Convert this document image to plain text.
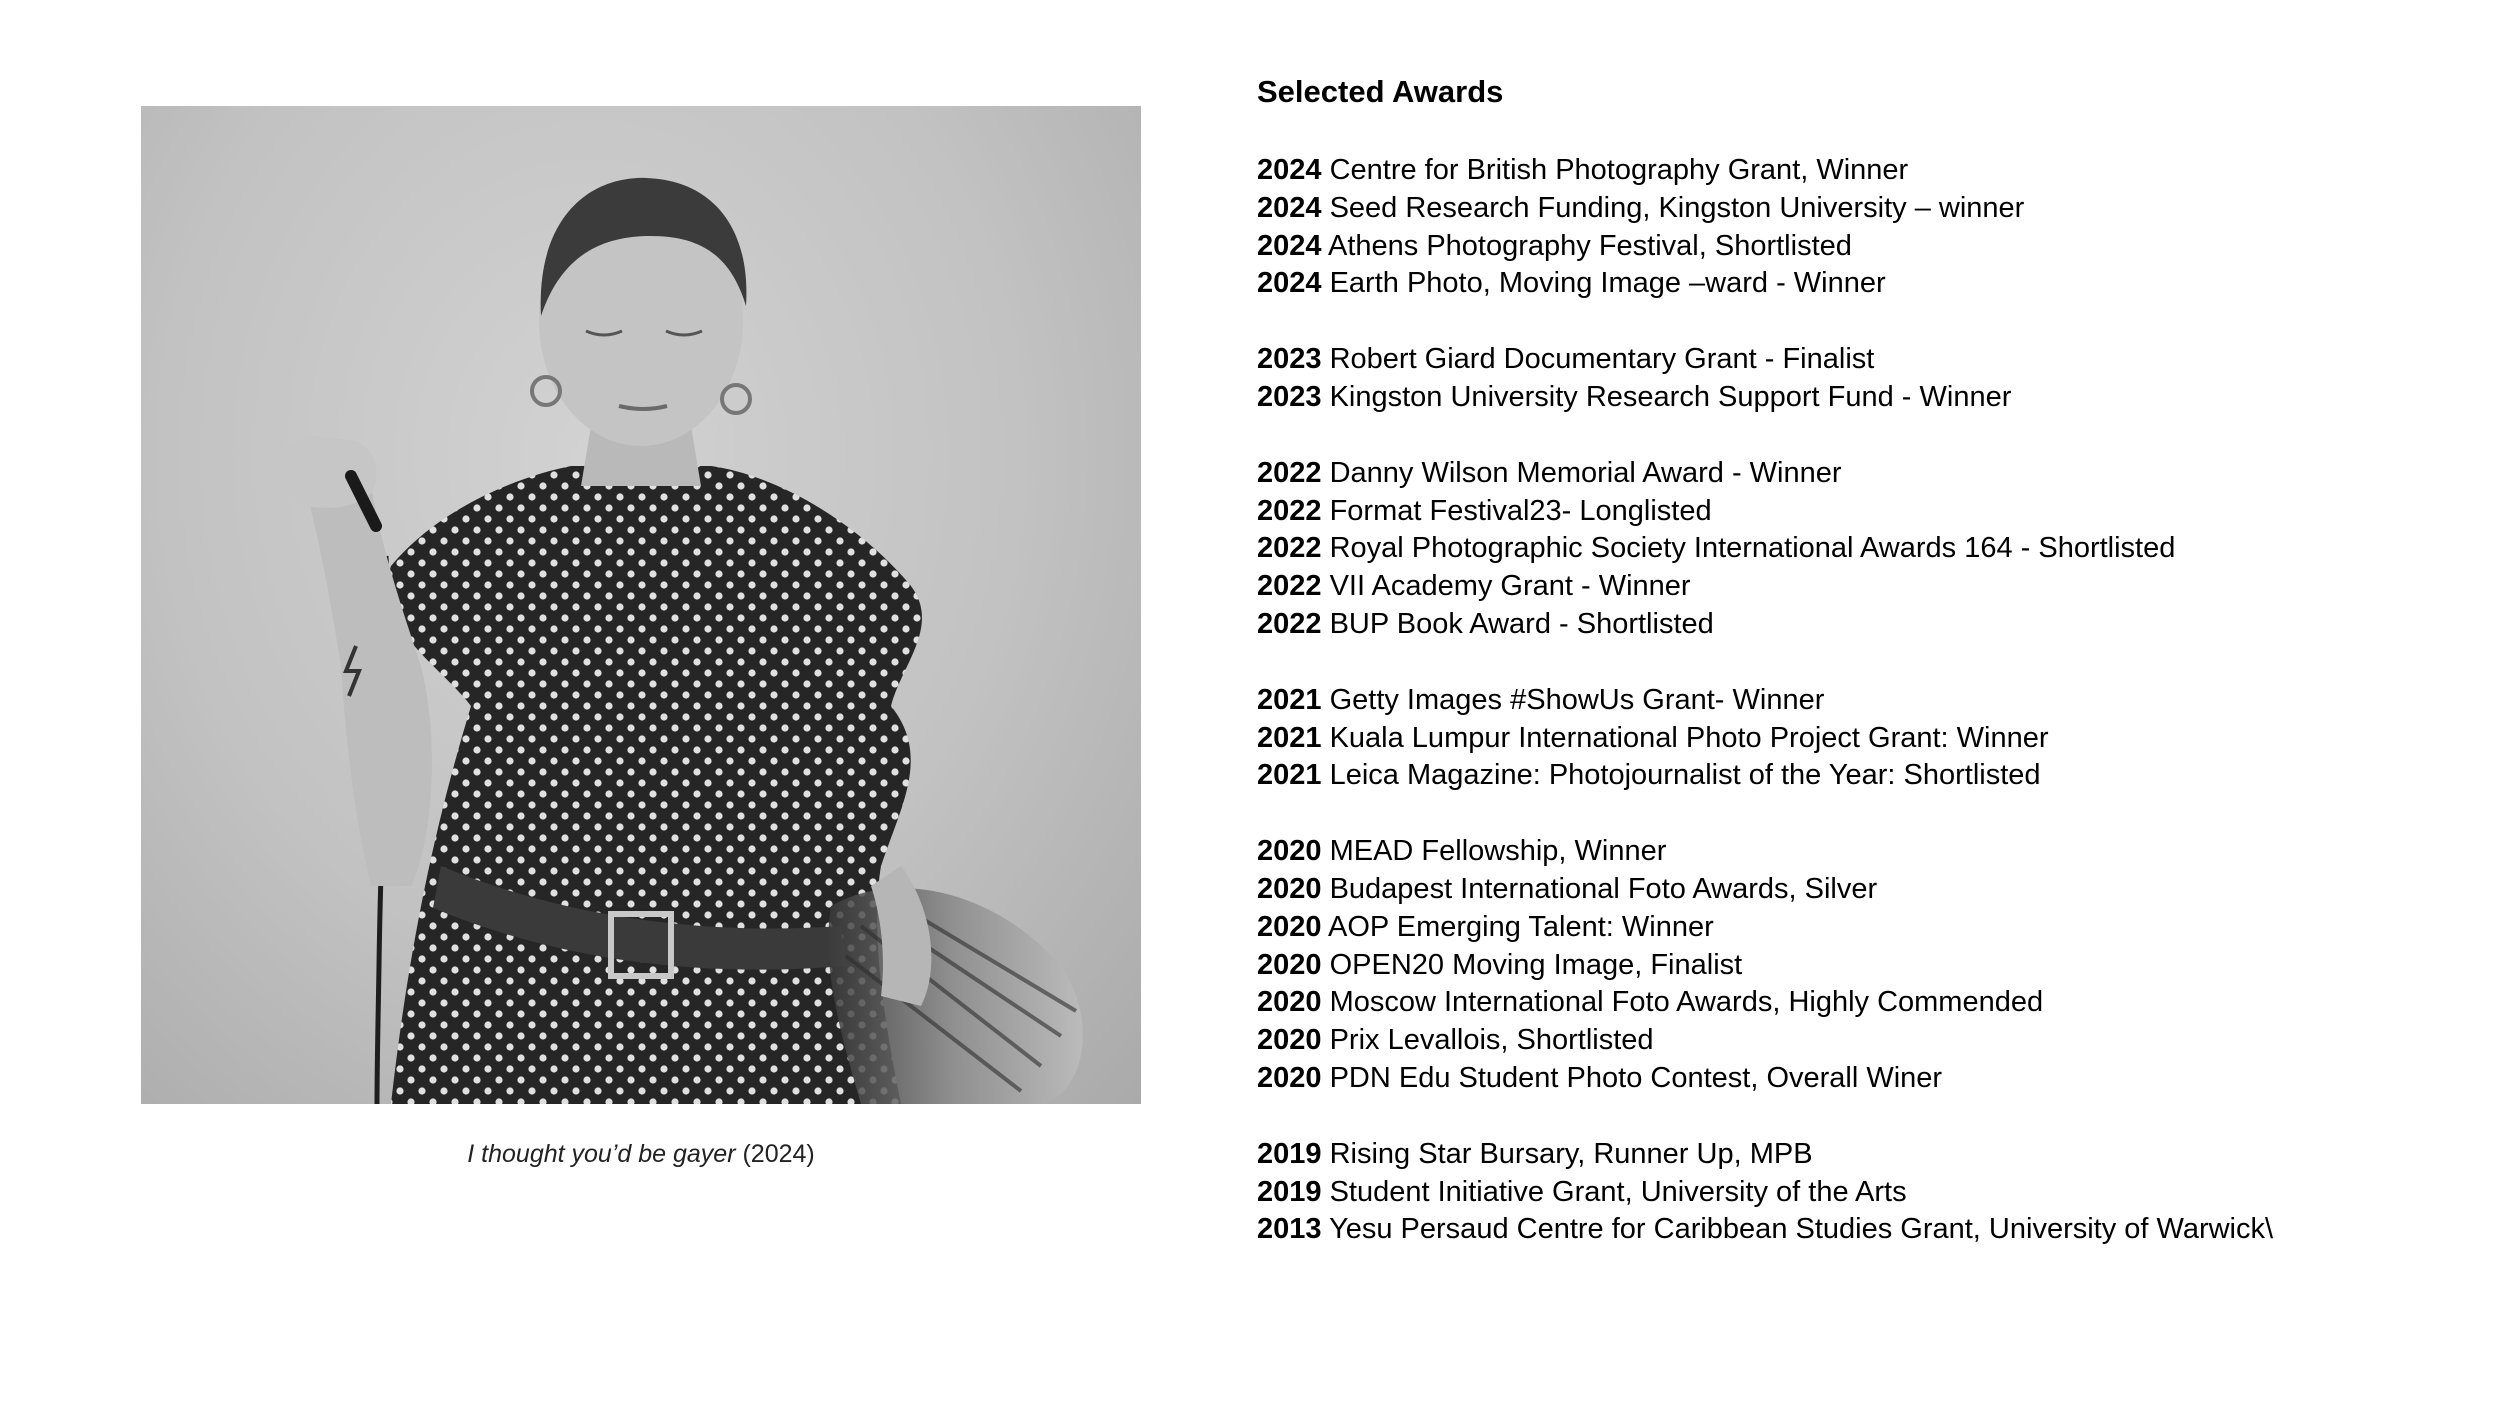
I thought you’d be gayer (2024)
Selected Awards
2024 Centre for British Photography Grant, Winner
2024 Seed Research Funding, Kingston University – winner
2024 Athens Photography Festival, Shortlisted
2024 Earth Photo, Moving Image –ward - Winner
2023 Robert Giard Documentary Grant - Finalist
2023 Kingston University Research Support Fund - Winner
2022 Danny Wilson Memorial Award - Winner
2022 Format Festival23- Longlisted
2022 Royal Photographic Society International Awards 164 - Shortlisted
2022 VII Academy Grant - Winner
2022 BUP Book Award - Shortlisted
2021 Getty Images #ShowUs Grant- Winner
2021 Kuala Lumpur International Photo Project Grant: Winner
2021 Leica Magazine: Photojournalist of the Year: Shortlisted
2020 MEAD Fellowship, Winner
2020 Budapest International Foto Awards, Silver
2020 AOP Emerging Talent: Winner
2020 OPEN20 Moving Image, Finalist
2020 Moscow International Foto Awards, Highly Commended
2020 Prix Levallois, Shortlisted
2020 PDN Edu Student Photo Contest, Overall Winer
2019 Rising Star Bursary, Runner Up, MPB
2019 Student Initiative Grant, University of the Arts
2013 Yesu Persaud Centre for Caribbean Studies Grant, University of Warwick\
